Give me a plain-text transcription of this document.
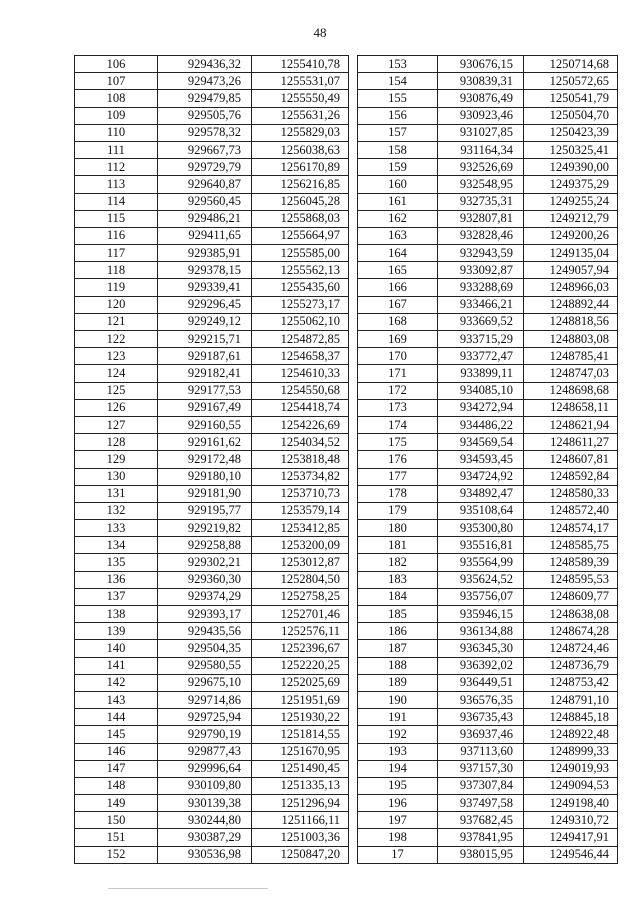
48
106	929436,32	1255410,78
107	929473,26	1255531,07
108	929479,85	1255550,49
109	929505,76	1255631,26
110	929578,32	1255829,03
111	929667,73	1256038,63
112	929729,79	1256170,89
113	929640,87	1256216,85
114	929560,45	1256045,28
115	929486,21	1255868,03
116	929411,65	1255664,97
117	929385,91	1255585,00
118	929378,15	1255562,13
119	929339,41	1255435,60
120	929296,45	1255273,17
121	929249,12	1255062,10
122	929215,71	1254872,85
123	929187,61	1254658,37
124	929182,41	1254610,33
125	929177,53	1254550,68
126	929167,49	1254418,74
127	929160,55	1254226,69
128	929161,62	1254034,52
129	929172,48	1253818,48
130	929180,10	1253734,82
131	929181,90	1253710,73
132	929195,77	1253579,14
133	929219,82	1253412,85
134	929258,88	1253200,09
135	929302,21	1253012,87
136	929360,30	1252804,50
137	929374,29	1252758,25
138	929393,17	1252701,46
139	929435,56	1252576,11
140	929504,35	1252396,67
141	929580,55	1252220,25
142	929675,10	1252025,69
143	929714,86	1251951,69
144	929725,94	1251930,22
145	929790,19	1251814,55
146	929877,43	1251670,95
147	929996,64	1251490,45
148	930109,80	1251335,13
149	930139,38	1251296,94
150	930244,80	1251166,11
151	930387,29	1251003,36
152	930536,98	1250847,20
153	930676,15	1250714,68
154	930839,31	1250572,65
155	930876,49	1250541,79
156	930923,46	1250504,70
157	931027,85	1250423,39
158	931164,34	1250325,41
159	932526,69	1249390,00
160	932548,95	1249375,29
161	932735,31	1249255,24
162	932807,81	1249212,79
163	932828,46	1249200,26
164	932943,59	1249135,04
165	933092,87	1249057,94
166	933288,69	1248966,03
167	933466,21	1248892,44
168	933669,52	1248818,56
169	933715,29	1248803,08
170	933772,47	1248785,41
171	933899,11	1248747,03
172	934085,10	1248698,68
173	934272,94	1248658,11
174	934486,22	1248621,94
175	934569,54	1248611,27
176	934593,45	1248607,81
177	934724,92	1248592,84
178	934892,47	1248580,33
179	935108,64	1248572,40
180	935300,80	1248574,17
181	935516,81	1248585,75
182	935564,99	1248589,39
183	935624,52	1248595,53
184	935756,07	1248609,77
185	935946,15	1248638,08
186	936134,88	1248674,28
187	936345,30	1248724,46
188	936392,02	1248736,79
189	936449,51	1248753,42
190	936576,35	1248791,10
191	936735,43	1248845,18
192	936937,46	1248922,48
193	937113,60	1248999,33
194	937157,30	1249019,93
195	937307,84	1249094,53
196	937497,58	1249198,40
197	937682,45	1249310,72
198	937841,95	1249417,91
17	938015,95	1249546,44
